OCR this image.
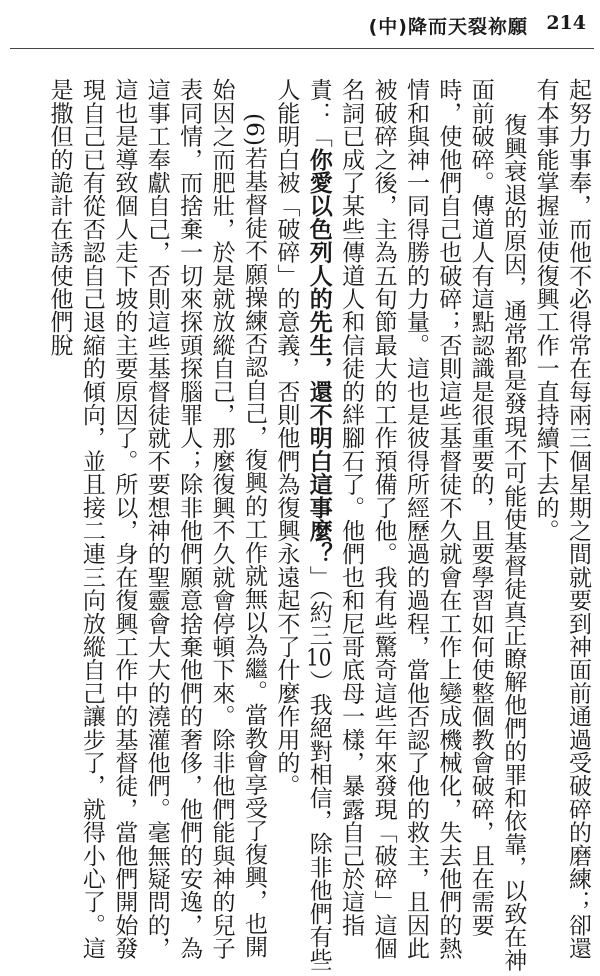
(中)降而天裂祢願 214

起努力事奉，而他不必得常在每兩三個星期之間就要到神面前通過受破碎的磨練；卻還有本事能掌握並使復興工作一直持續下去的。

復興衰退的原因，通常都是發現不可能使基督徒真正瞭解他們的罪和依靠，以致在神面前破碎。傳道人有這點認識是很重要的，且要學習如何使整個教會破碎，且在需要時，使他們自己也破碎；否則這些基督徒不久就會在工作上變成機械化，失去他們的熱情和與神一同得勝的力量。這也是彼得所經歷過的過程，當他否認了他的救主，且因此被破碎之後，主為五旬節最大的工作預備了他。我有些驚奇這些年來發現「破碎」這個名詞已成了某些傳道人和信徒的絆腳石了。他們也和尼哥底母一樣，暴露自己於這指責：「你愛以色列人的先生，還不明白這事麼？」（約三10）我絕對相信，除非他們有些人能明白被「破碎」的意義，否則他們為復興永遠起不了什麼作用的。

(6)若基督徒不願操練否認自己，復興的工作就無以為繼。當教會享受了復興，也開始因之而肥壯，於是就放縱自己，那麼復興不久就會停頓下來。除非他們能與神的兒子表同情，而捨棄一切來探頭探腦罪人；除非他們願意捨棄他們的奢侈，他們的安逸，為這事工奉獻自己，否則這些基督徒就不要想神的聖靈會大大的澆灌他們。毫無疑問的，這也是導致個人走下坡的主要原因了。所以，身在復興工作中的基督徒，當他們開始發現自己已有從否認自己退縮的傾向，並且接二連三向放縱自己讓步了，就得小心了。這是撒但的詭計在誘使他們脫
